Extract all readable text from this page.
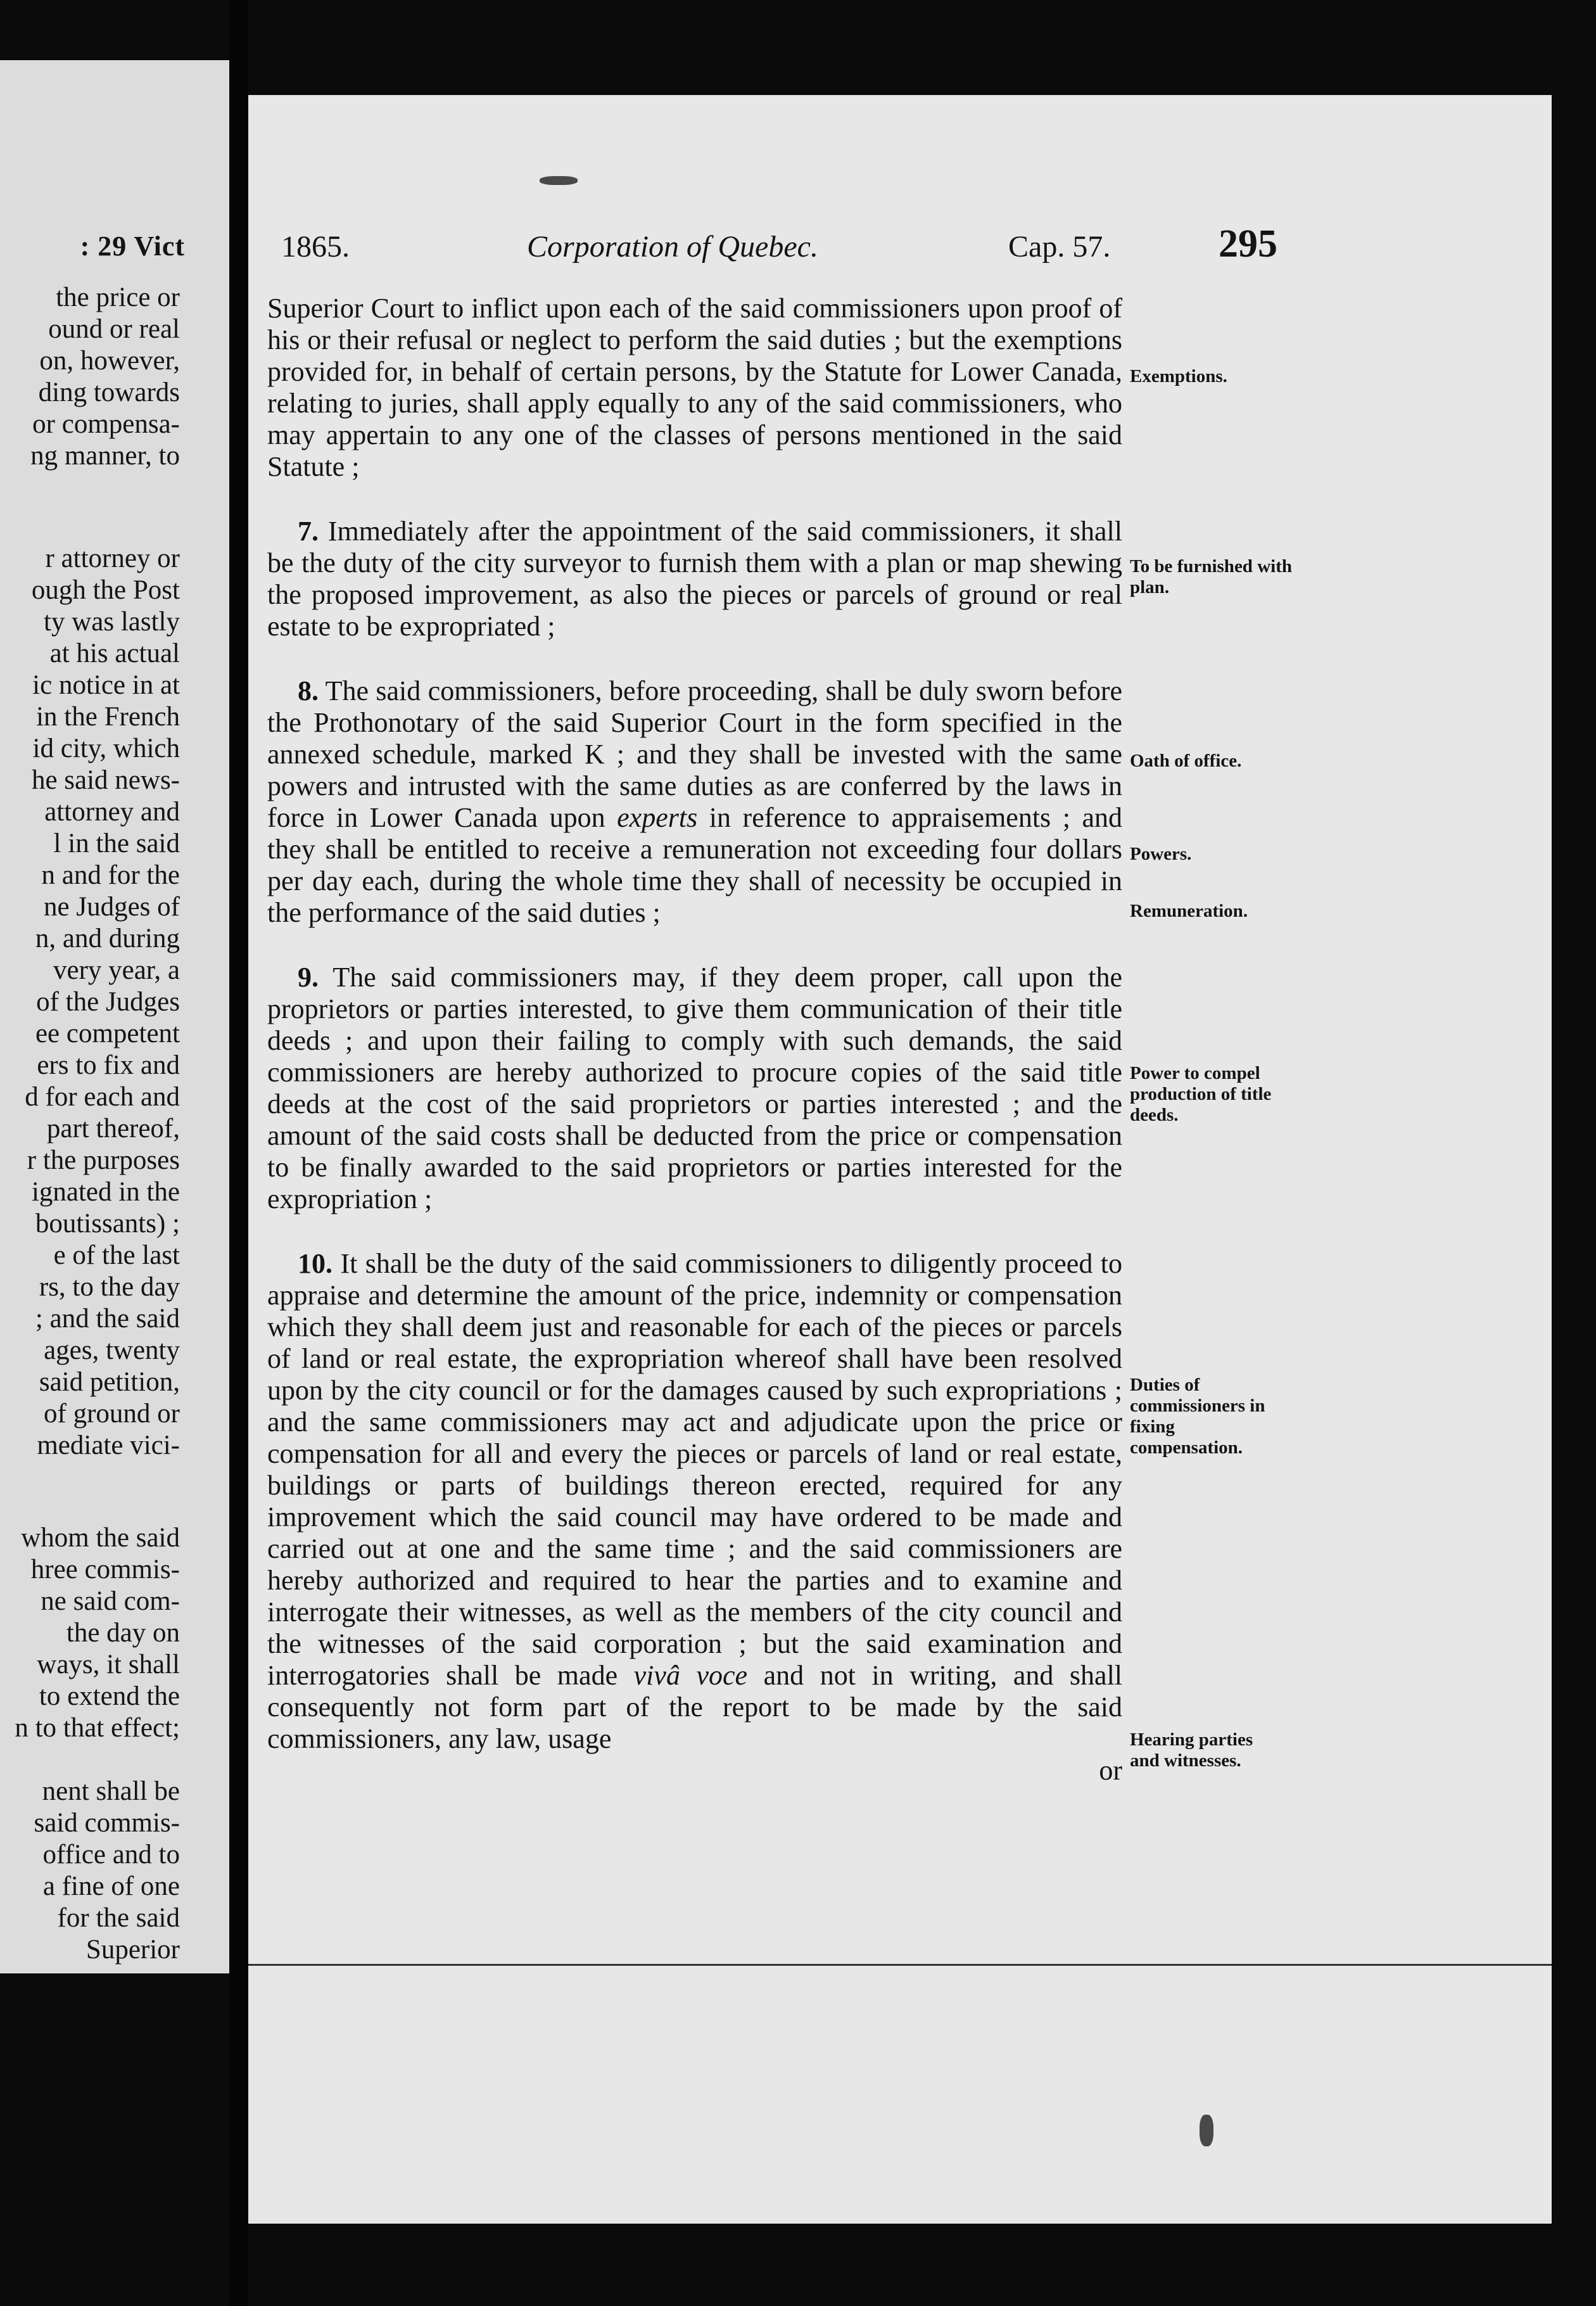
: 29 Vict
the price or
ound or real
on, however,
ding towards
or compensa-
ng manner, to
r attorney or
ough the Post
ty was lastly
at his actual
ic notice in at
in the French
id city, which
he said news-
attorney and
l in the said
n and for the
ne Judges of
n, and during
very year, a
of the Judges
ee competent
ers to fix and
d for each and
part thereof,
r the purposes
ignated in the
boutissants) ;
e of the last
rs, to the day
; and the said
ages, twenty
said petition,
of ground or
mediate vici-
whom the said
hree commis-
ne said com-
the day on
ways, it shall
to extend the
n to that effect;
nent shall be
said commis-
office and to
a fine of one
for the said
Superior
1865.	Corporation of Quebec.	Cap. 57.	295

Superior Court to inflict upon each of the said commissioners upon proof of his or their refusal or neglect to perform the said duties ; but the exemptions provided for, in behalf of certain persons, by the Statute for Lower Canada, relating to juries, shall apply equally to any of the said commissioners, who may appertain to any one of the classes of persons mentioned in the said Statute ;

7. Immediately after the appointment of the said commissioners, it shall be the duty of the city surveyor to furnish them with a plan or map shewing the proposed improvement, as also the pieces or parcels of ground or real estate to be expropriated ;

8. The said commissioners, before proceeding, shall be duly sworn before the Prothonotary of the said Superior Court in the form specified in the annexed schedule, marked K ; and they shall be invested with the same powers and intrusted with the same duties as are conferred by the laws in force in Lower Canada upon experts in reference to appraisements ; and they shall be entitled to receive a remuneration not exceeding four dollars per day each, during the whole time they shall of necessity be occupied in the performance of the said duties ;

9. The said commissioners may, if they deem proper, call upon the proprietors or parties interested, to give them communication of their title deeds ; and upon their failing to comply with such demands, the said commissioners are hereby authorized to procure copies of the said title deeds at the cost of the said proprietors or parties interested ; and the amount of the said costs shall be deducted from the price or compensation to be finally awarded to the said proprietors or parties interested for the expropriation ;

10. It shall be the duty of the said commissioners to diligently proceed to appraise and determine the amount of the price, indemnity or compensation which they shall deem just and reasonable for each of the pieces or parcels of land or real estate, the expropriation whereof shall have been resolved upon by the city council or for the damages caused by such expropriations ; and the same commissioners may act and adjudicate upon the price or compensation for all and every the pieces or parcels of land or real estate, buildings or parts of buildings thereon erected, required for any improvement which the said council may have ordered to be made and carried out at one and the same time ; and the said commissioners are hereby authorized and required to hear the parties and to examine and interrogate their witnesses, as well as the members of the city council and the witnesses of the said corporation ; but the said examination and interrogatories shall be made vivâ voce and not in writing, and shall consequently not form part of the report to be made by the said commissioners, any law, usage

or
Exemptions.
To be furnished with plan.
Oath of office.
Powers.
Remuneration.
Power to compel production of title deeds.
Duties of commissioners in fixing compensation.
Hearing parties and witnesses.
